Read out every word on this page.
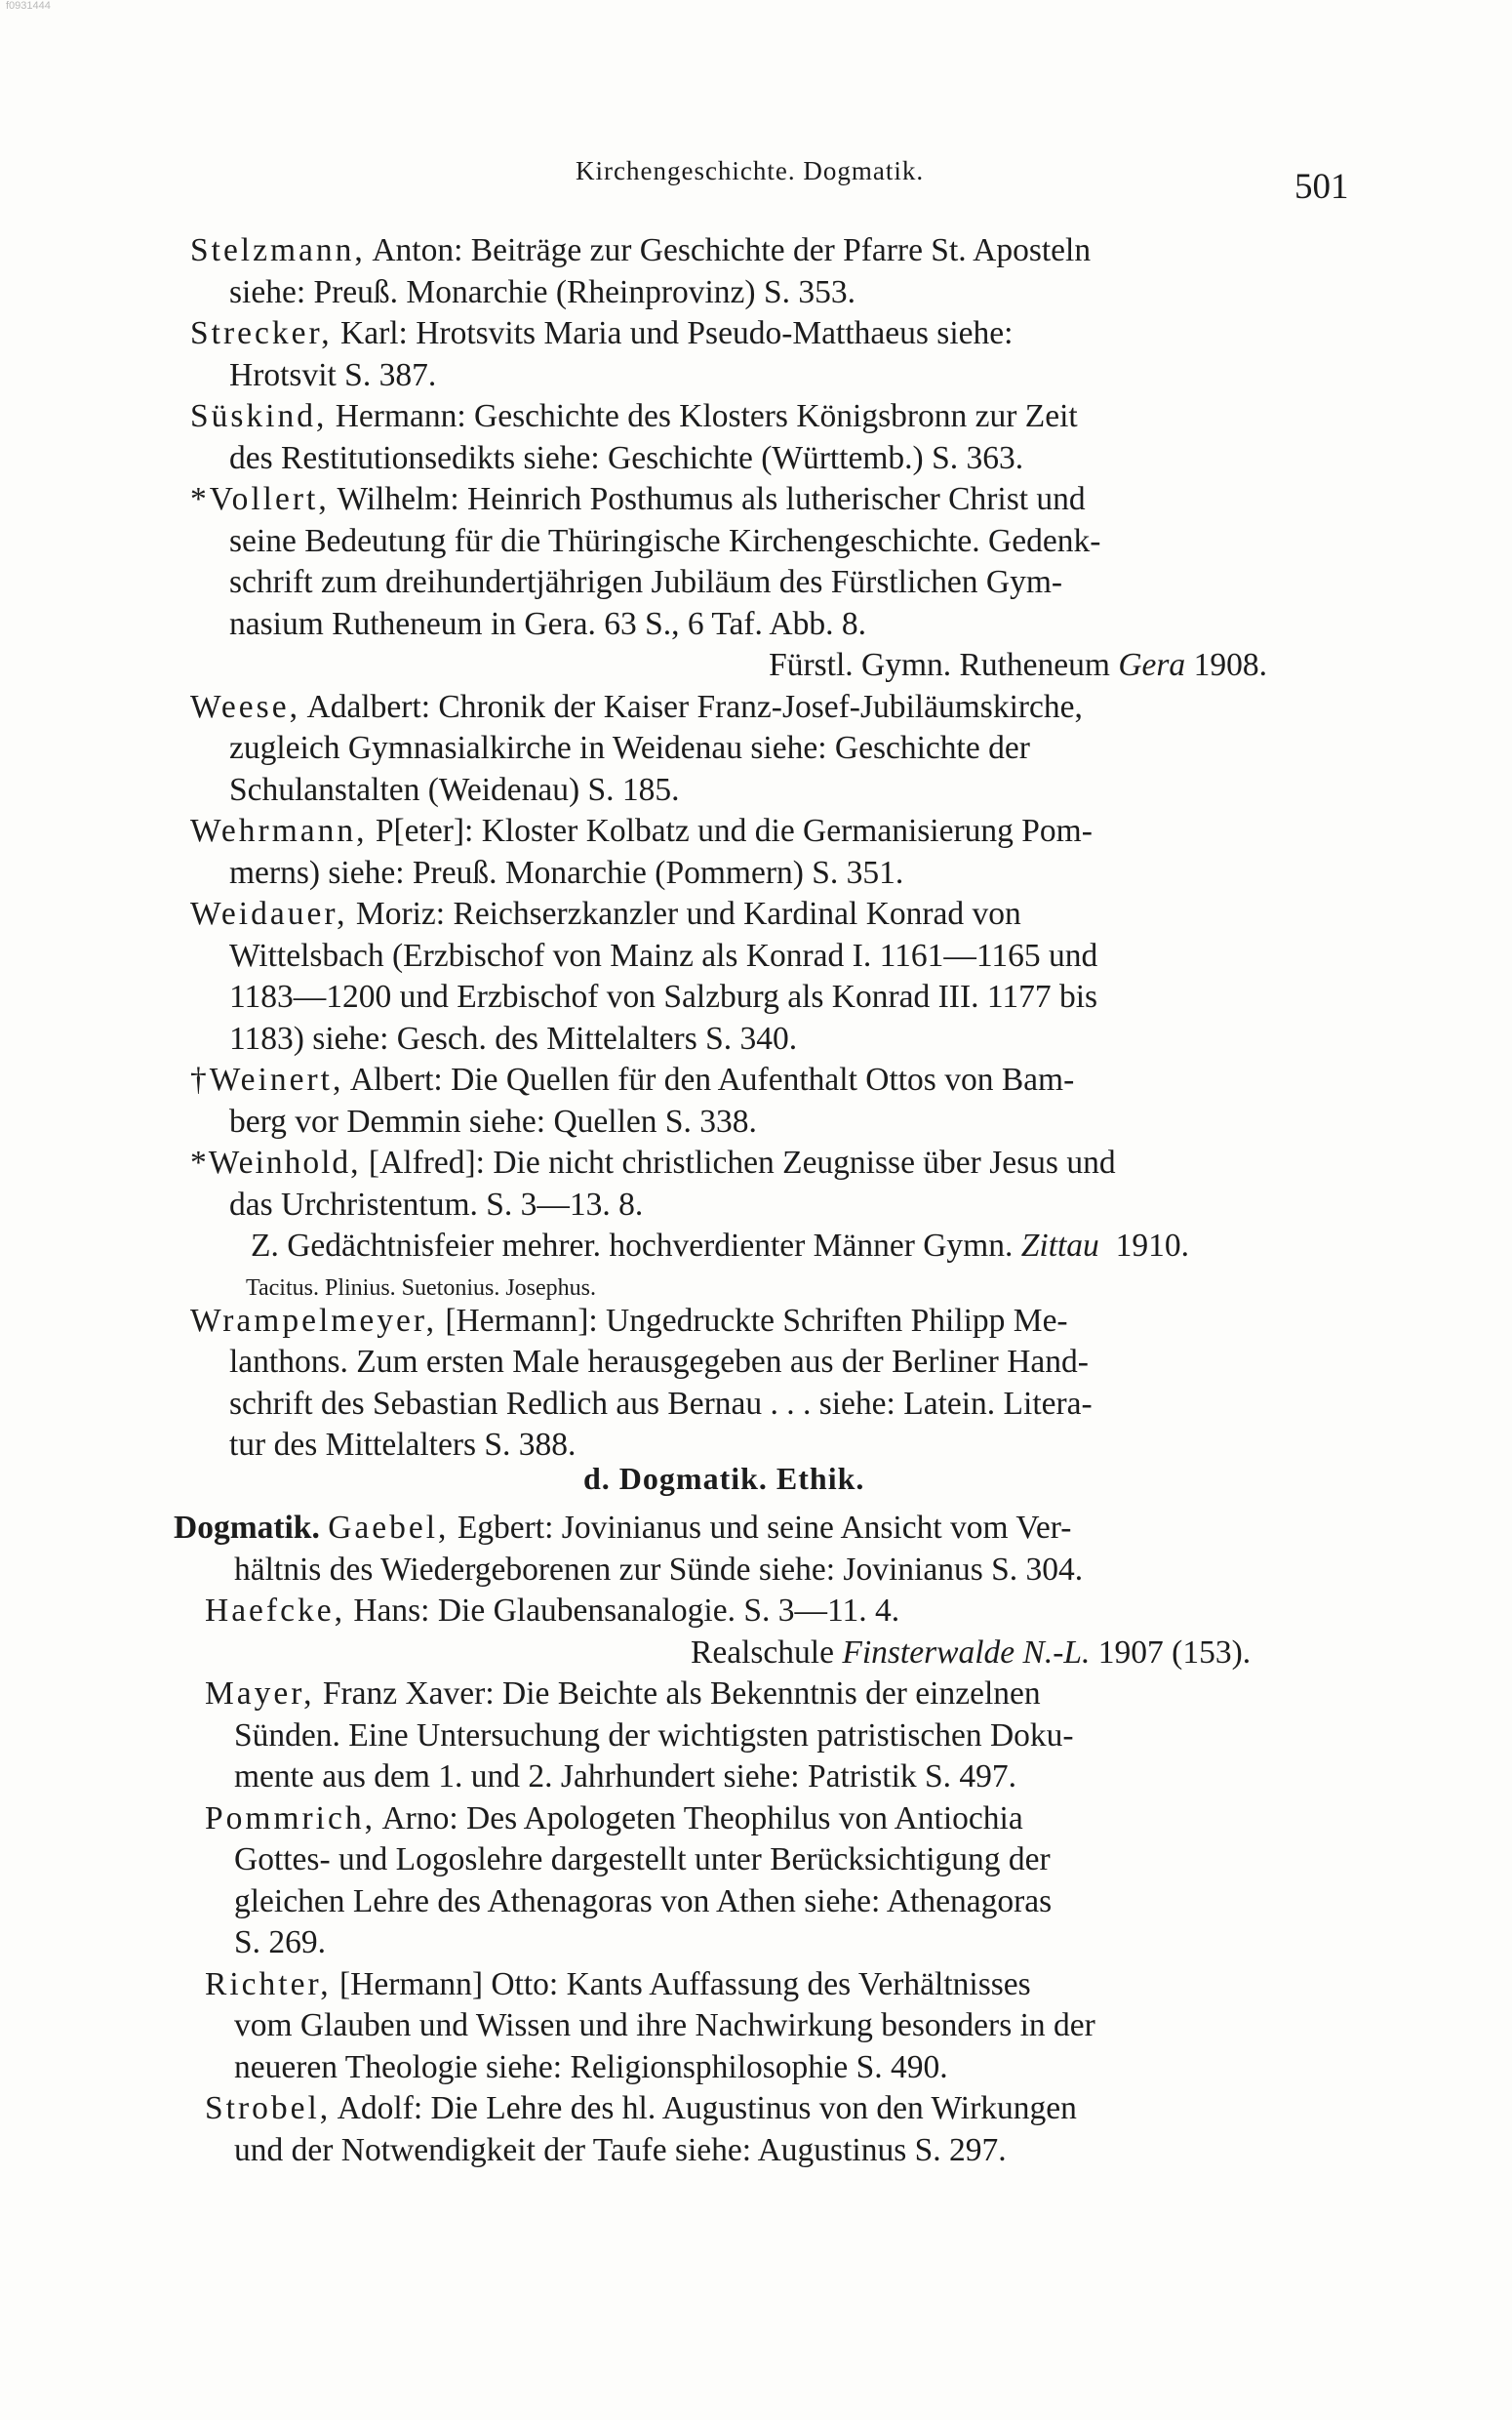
f0931444
Kirchengeschichte. Dogmatik.	501
Stelzmann, Anton: Beiträge zur Geschichte der Pfarre St. Aposteln
siehe: Preuß. Monarchie (Rheinprovinz) S. 353.
Strecker, Karl: Hrotsvits Maria und Pseudo-Matthaeus siehe:
Hrotsvit S. 387.
Süskind, Hermann: Geschichte des Klosters Königsbronn zur Zeit
des Restitutionsedikts siehe: Geschichte (Württemb.) S. 363.
*Vollert, Wilhelm: Heinrich Posthumus als lutherischer Christ und
seine Bedeutung für die Thüringische Kirchengeschichte. Gedenk-
schrift zum dreihundertjährigen Jubiläum des Fürstlichen Gym-
nasium Rutheneum in Gera. 63 S., 6 Taf. Abb. 8.
Fürstl. Gymn. Rutheneum Gera 1908.
Weese, Adalbert: Chronik der Kaiser Franz-Josef-Jubiläumskirche,
zugleich Gymnasialkirche in Weidenau siehe: Geschichte der
Schulanstalten (Weidenau) S. 185.
Wehrmann, P[eter]: Kloster Kolbatz und die Germanisierung Pom-
merns) siehe: Preuß. Monarchie (Pommern) S. 351.
Weidauer, Moriz: Reichserzkanzler und Kardinal Konrad von
Wittelsbach (Erzbischof von Mainz als Konrad I. 1161—1165 und
1183—1200 und Erzbischof von Salzburg als Konrad III. 1177 bis
1183) siehe: Gesch. des Mittelalters S. 340.
†Weinert, Albert: Die Quellen für den Aufenthalt Ottos von Bam-
berg vor Demmin siehe: Quellen S. 338.
*Weinhold, [Alfred]: Die nicht christlichen Zeugnisse über Jesus und
das Urchristentum. S. 3—13. 8.
Z. Gedächtnisfeier mehrer. hochverdienter Männer Gymn. Zittau 1910.
Tacitus. Plinius. Suetonius. Josephus.
Wrampelmeyer, [Hermann]: Ungedruckte Schriften Philipp Me-
lanthons. Zum ersten Male herausgegeben aus der Berliner Hand-
schrift des Sebastian Redlich aus Bernau . . . siehe: Latein. Litera-
tur des Mittelalters S. 388.
d. Dogmatik. Ethik.
Dogmatik. Gaebel, Egbert: Jovinianus und seine Ansicht vom Ver-
hältnis des Wiedergeborenen zur Sünde siehe: Jovinianus S. 304.
Haefcke, Hans: Die Glaubensanalogie. S. 3—11. 4.
Realschule Finsterwalde N.-L. 1907 (153).
Mayer, Franz Xaver: Die Beichte als Bekenntnis der einzelnen
Sünden. Eine Untersuchung der wichtigsten patristischen Doku-
mente aus dem 1. und 2. Jahrhundert siehe: Patristik S. 497.
Pommrich, Arno: Des Apologeten Theophilus von Antiochia
Gottes- und Logoslehre dargestellt unter Berücksichtigung der
gleichen Lehre des Athenagoras von Athen siehe: Athenagoras
S. 269.
Richter, [Hermann] Otto: Kants Auffassung des Verhältnisses
vom Glauben und Wissen und ihre Nachwirkung besonders in der
neueren Theologie siehe: Religionsphilosophie S. 490.
Strobel, Adolf: Die Lehre des hl. Augustinus von den Wirkungen
und der Notwendigkeit der Taufe siehe: Augustinus S. 297.
